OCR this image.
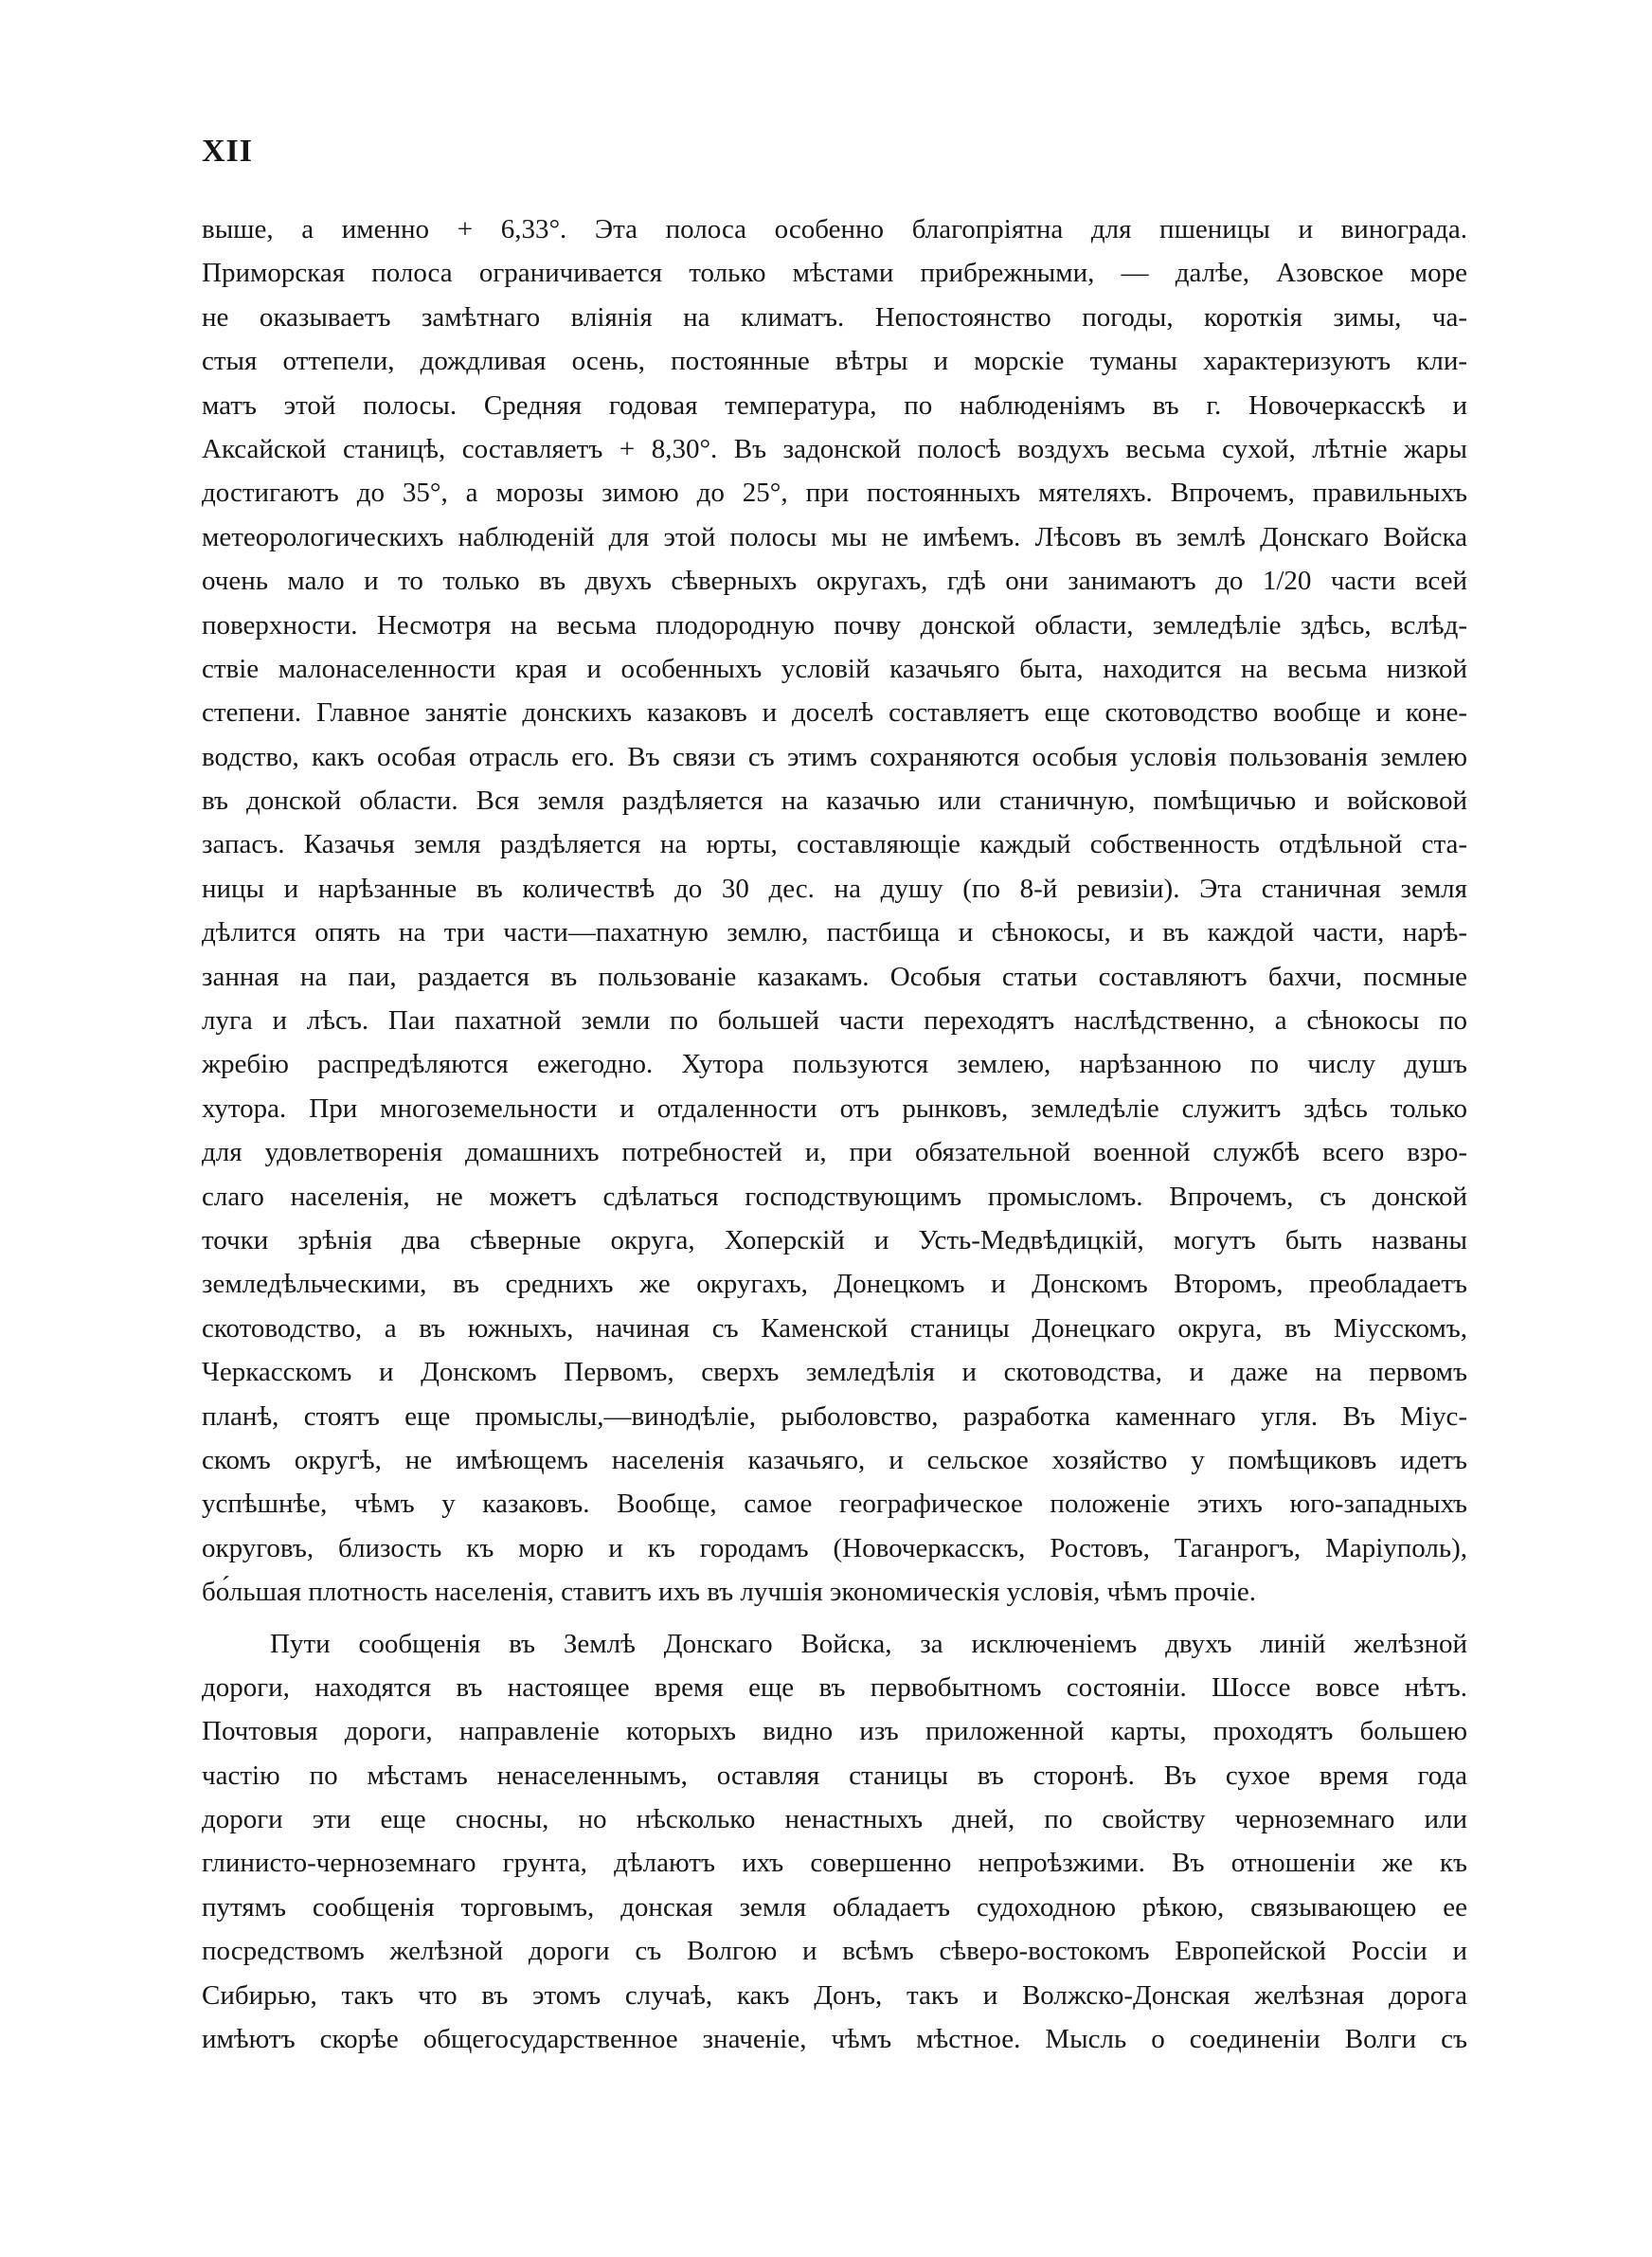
XII
выше, а именно + 6,33°. Эта полоса особенно благопріятна для пшеницы и винограда.
Приморская полоса ограничивается только мѣстами прибрежными, — далѣе, Азовское море
не оказываетъ замѣтнаго вліянія на климатъ. Непостоянство погоды, короткія зимы, ча-
стыя оттепели, дождливая осень, постоянные вѣтры и морскіе туманы характеризуютъ кли-
матъ этой полосы. Средняя годовая температура, по наблюденіямъ въ г. Новочеркасскѣ и
Аксайской станицѣ, составляетъ + 8,30°. Въ задонской полосѣ воздухъ весьма сухой, лѣтніе жары
достигаютъ до 35°, а морозы зимою до 25°, при постоянныхъ мятеляхъ. Впрочемъ, правильныхъ
метеорологическихъ наблюденій для этой полосы мы не имѣемъ. Лѣсовъ въ землѣ Донскаго Войска
очень мало и то только въ двухъ сѣверныхъ округахъ, гдѣ они занимаютъ до 1/20 части всей
поверхности. Несмотря на весьма плодородную почву донской области, земледѣліе здѣсь, вслѣд-
ствіе малонаселенности края и особенныхъ условій казачьяго быта, находится на весьма низкой
степени. Главное занятіе донскихъ казаковъ и доселѣ составляетъ еще скотоводство вообще и коне-
водство, какъ особая отрасль его. Въ связи съ этимъ сохраняются особыя условія пользованія землею
въ донской области. Вся земля раздѣляется на казачью или станичную, помѣщичью и войсковой
запасъ. Казачья земля раздѣляется на юрты, составляющіе каждый собственность отдѣльной ста-
ницы и нарѣзанные въ количествѣ до 30 дес. на душу (по 8-й ревизіи). Эта станичная земля
дѣлится опять на три части—пахатную землю, пастбища и сѣнокосы, и въ каждой части, нарѣ-
занная на паи, раздается въ пользованіе казакамъ. Особыя статьи составляютъ бахчи, посмные
луга и лѣсъ. Паи пахатной земли по большей части переходятъ наслѣдственно, а сѣнокосы по
жребію распредѣляются ежегодно. Хутора пользуются землею, нарѣзанною по числу душъ
хутора. При многоземельности и отдаленности отъ рынковъ, земледѣліе служитъ здѣсь только
для удовлетворенія домашнихъ потребностей и, при обязательной военной службѣ всего взро-
слаго населенія, не можетъ сдѣлаться господствующимъ промысломъ. Впрочемъ, съ донской
точки зрѣнія два сѣверные округа, Хоперскій и Усть-Медвѣдицкій, могутъ быть названы
земледѣльческими, въ среднихъ же округахъ, Донецкомъ и Донскомъ Второмъ, преобладаетъ
скотоводство, а въ южныхъ, начиная съ Каменской станицы Донецкаго округа, въ Міусскомъ,
Черкасскомъ и Донскомъ Первомъ, сверхъ земледѣлія и скотоводства, и даже на первомъ
планѣ, стоятъ еще промыслы,—винодѣліе, рыболовство, разработка каменнаго угля. Въ Міус-
скомъ округѣ, не имѣющемъ населенія казачьяго, и сельское хозяйство у помѣщиковъ идетъ
успѣшнѣе, чѣмъ у казаковъ. Вообще, самое географическое положеніе этихъ юго-западныхъ
округовъ, близость къ морю и къ городамъ (Новочеркасскъ, Ростовъ, Таганрогъ, Маріуполь),
бо́льшая плотность населенія, ставитъ ихъ въ лучшія экономическія условія, чѣмъ прочіе.
Пути сообщенія въ Землѣ Донскаго Войска, за исключеніемъ двухъ линій желѣзной
дороги, находятся въ настоящее время еще въ первобытномъ состояніи. Шоссе вовсе нѣтъ.
Почтовыя дороги, направленіе которыхъ видно изъ приложенной карты, проходятъ большею
частію по мѣстамъ ненаселеннымъ, оставляя станицы въ сторонѣ. Въ сухое время года
дороги эти еще сносны, но нѣсколько ненастныхъ дней, по свойству черноземнаго или
глинисто-черноземнаго грунта, дѣлаютъ ихъ совершенно непроѣзжими. Въ отношеніи же къ
путямъ сообщенія торговымъ, донская земля обладаетъ судоходною рѣкою, связывающею ее
посредствомъ желѣзной дороги съ Волгою и всѣмъ сѣверо-востокомъ Европейской Россіи и
Сибирью, такъ что въ этомъ случаѣ, какъ Донъ, такъ и Волжско-Донская желѣзная дорога
имѣютъ скорѣе общегосударственное значеніе, чѣмъ мѣстное. Мысль о соединеніи Волги съ
